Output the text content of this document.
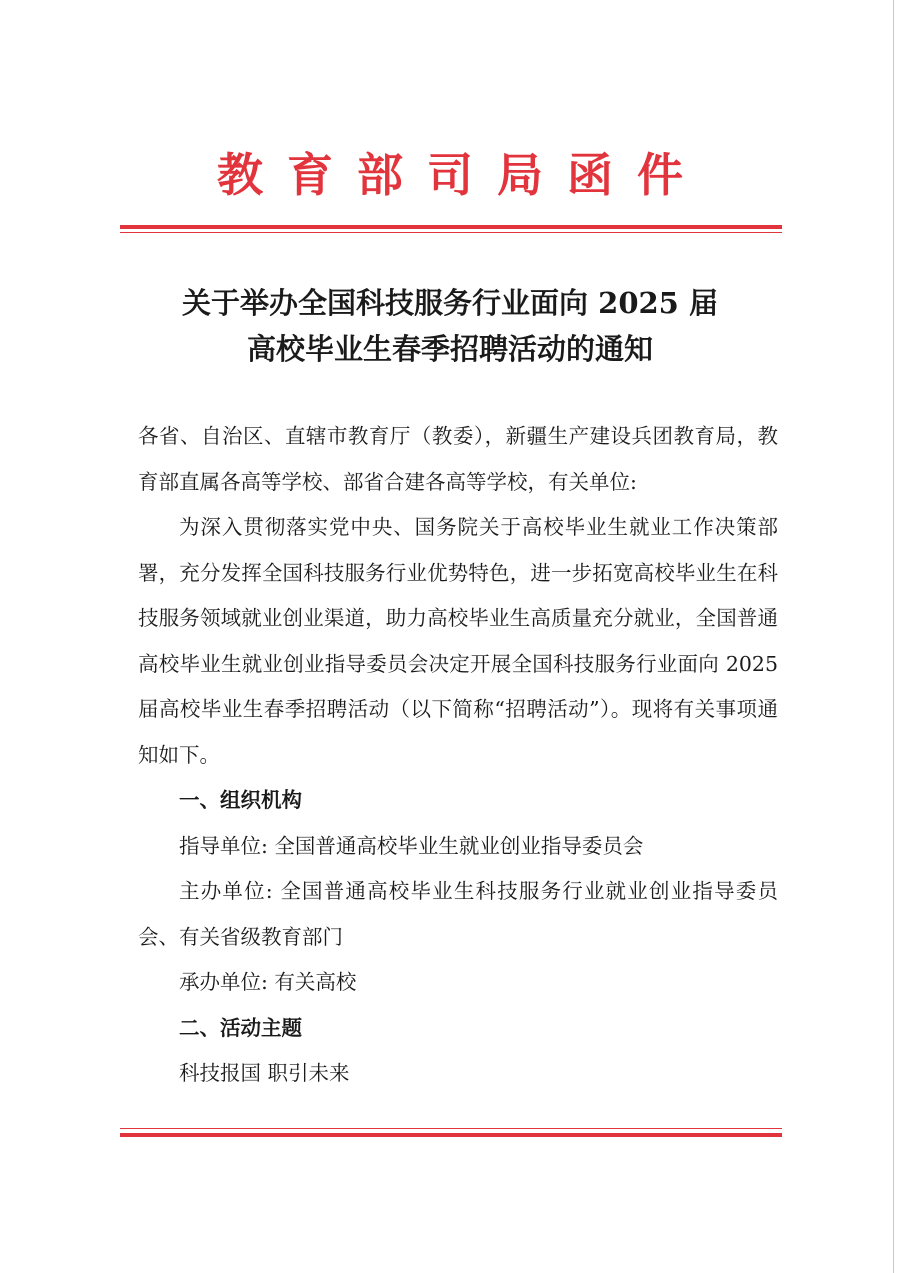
教育部司局函件
关于举办全国科技服务行业面向 2025 届
高校毕业生春季招聘活动的通知

各省、自治区、直辖市教育厅（教委），新疆生产建设兵团教育局，教育部直属各高等学校、部省合建各高等学校，有关单位:

为深入贯彻落实党中央、国务院关于高校毕业生就业工作决策部署，充分发挥全国科技服务行业优势特色，进一步拓宽高校毕业生在科技服务领域就业创业渠道，助力高校毕业生高质量充分就业，全国普通高校毕业生就业创业指导委员会决定开展全国科技服务行业面向 2025 届高校毕业生春季招聘活动（以下简称“招聘活动”）。现将有关事项通知如下。

一、组织机构

指导单位: 全国普通高校毕业生就业创业指导委员会

主办单位: 全国普通高校毕业生科技服务行业就业创业指导委员会、有关省级教育部门

承办单位: 有关高校

二、活动主题

科技报国 职引未来
